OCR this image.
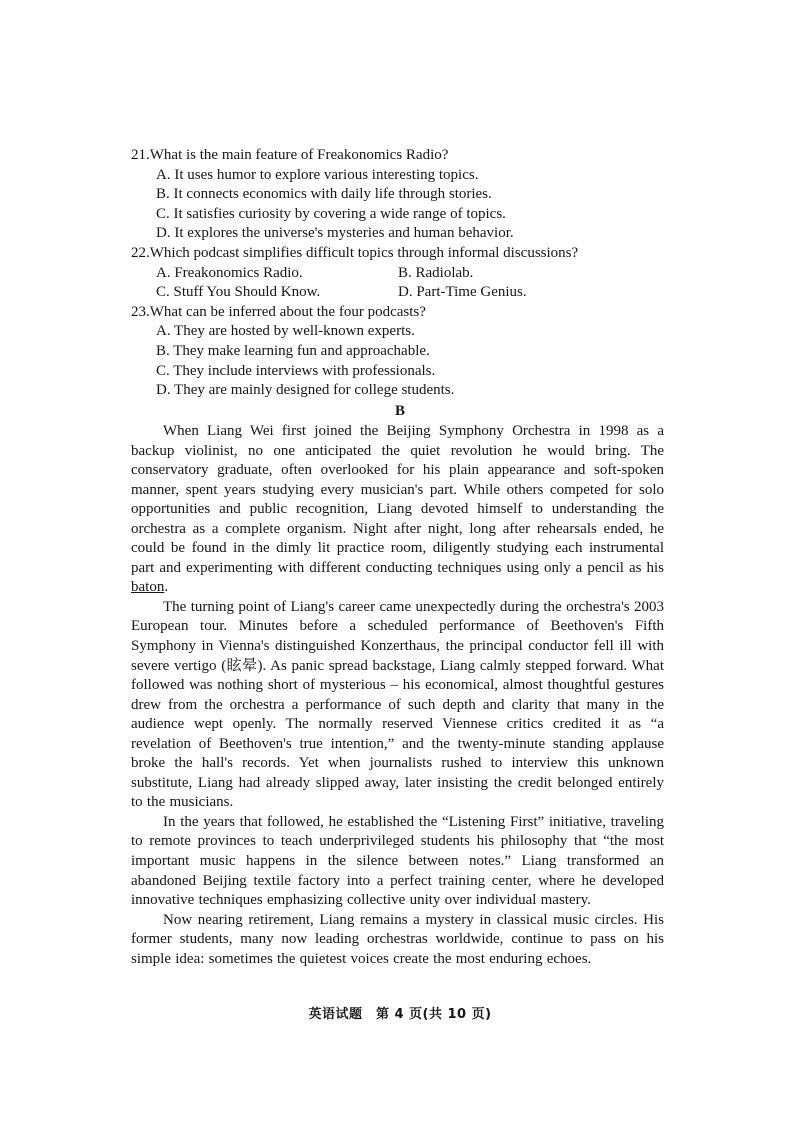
21.What is the main feature of Freakonomics Radio?
A. It uses humor to explore various interesting topics.
B. It connects economics with daily life through stories.
C. It satisfies curiosity by covering a wide range of topics.
D. It explores the universe's mysteries and human behavior.
22.Which podcast simplifies difficult topics through informal discussions?
A. Freakonomics Radio.	B. Radiolab.
C. Stuff You Should Know.	D. Part-Time Genius.
23.What can be inferred about the four podcasts?
A. They are hosted by well-known experts.
B. They make learning fun and approachable.
C. They include interviews with professionals.
D. They are mainly designed for college students.
B

When Liang Wei first joined the Beijing Symphony Orchestra in 1998 as a backup violinist, no one anticipated the quiet revolution he would bring. The conservatory graduate, often overlooked for his plain appearance and soft-spoken manner, spent years studying every musician's part. While others competed for solo opportunities and public recognition, Liang devoted himself to understanding the orchestra as a complete organism. Night after night, long after rehearsals ended, he could be found in the dimly lit practice room, diligently studying each instrumental part and experimenting with different conducting techniques using only a pencil as his baton.

The turning point of Liang's career came unexpectedly during the orchestra's 2003 European tour. Minutes before a scheduled performance of Beethoven's Fifth Symphony in Vienna's distinguished Konzerthaus, the principal conductor fell ill with severe vertigo (眩晕). As panic spread backstage, Liang calmly stepped forward. What followed was nothing short of mysterious – his economical, almost thoughtful gestures drew from the orchestra a performance of such depth and clarity that many in the audience wept openly. The normally reserved Viennese critics credited it as “a revelation of Beethoven's true intention,” and the twenty-minute standing applause broke the hall's records. Yet when journalists rushed to interview this unknown substitute, Liang had already slipped away, later insisting the credit belonged entirely to the musicians.

In the years that followed, he established the “Listening First” initiative, traveling to remote provinces to teach underprivileged students his philosophy that “the most important music happens in the silence between notes.” Liang transformed an abandoned Beijing textile factory into a perfect training center, where he developed innovative techniques emphasizing collective unity over individual mastery.

Now nearing retirement, Liang remains a mystery in classical music circles. His former students, many now leading orchestras worldwide, continue to pass on his simple idea: sometimes the quietest voices create the most enduring echoes.

英语试题　第 4 页(共 10 页)
